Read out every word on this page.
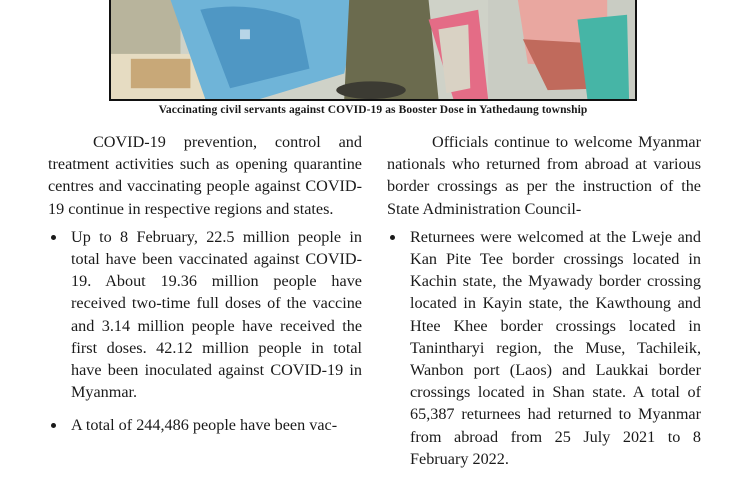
Vaccinating civil servants against COVID-19 as Booster Dose in Yathedaung township

COVID-19 prevention, control and treatment activities such as opening quarantine centres and vaccinating people against COVID-19 continue in respective regions and states.

Up to 8 February, 22.5 million people in total have been vaccinated against COVID-19. About 19.36 million people have received two-time full doses of the vaccine and 3.14 million people have received the first doses. 42.12 million people in total have been inoculated against COVID-19 in Myanmar.
A total of 244,486 people have been vac-

Officials continue to welcome Myanmar nationals who returned from abroad at various border crossings as per the instruction of the State Administration Council-

Returnees were welcomed at the Lweje and Kan Pite Tee border crossings located in Kachin state, the Myawady border crossing located in Kayin state, the Kawthoung and Htee Khee border crossings located in Tanintharyi region, the Muse, Tachileik, Wanbon port (Laos) and Laukkai border crossings located in Shan state. A total of 65,387 returnees had returned to Myanmar from abroad from 25 July 2021 to 8 February 2022.
